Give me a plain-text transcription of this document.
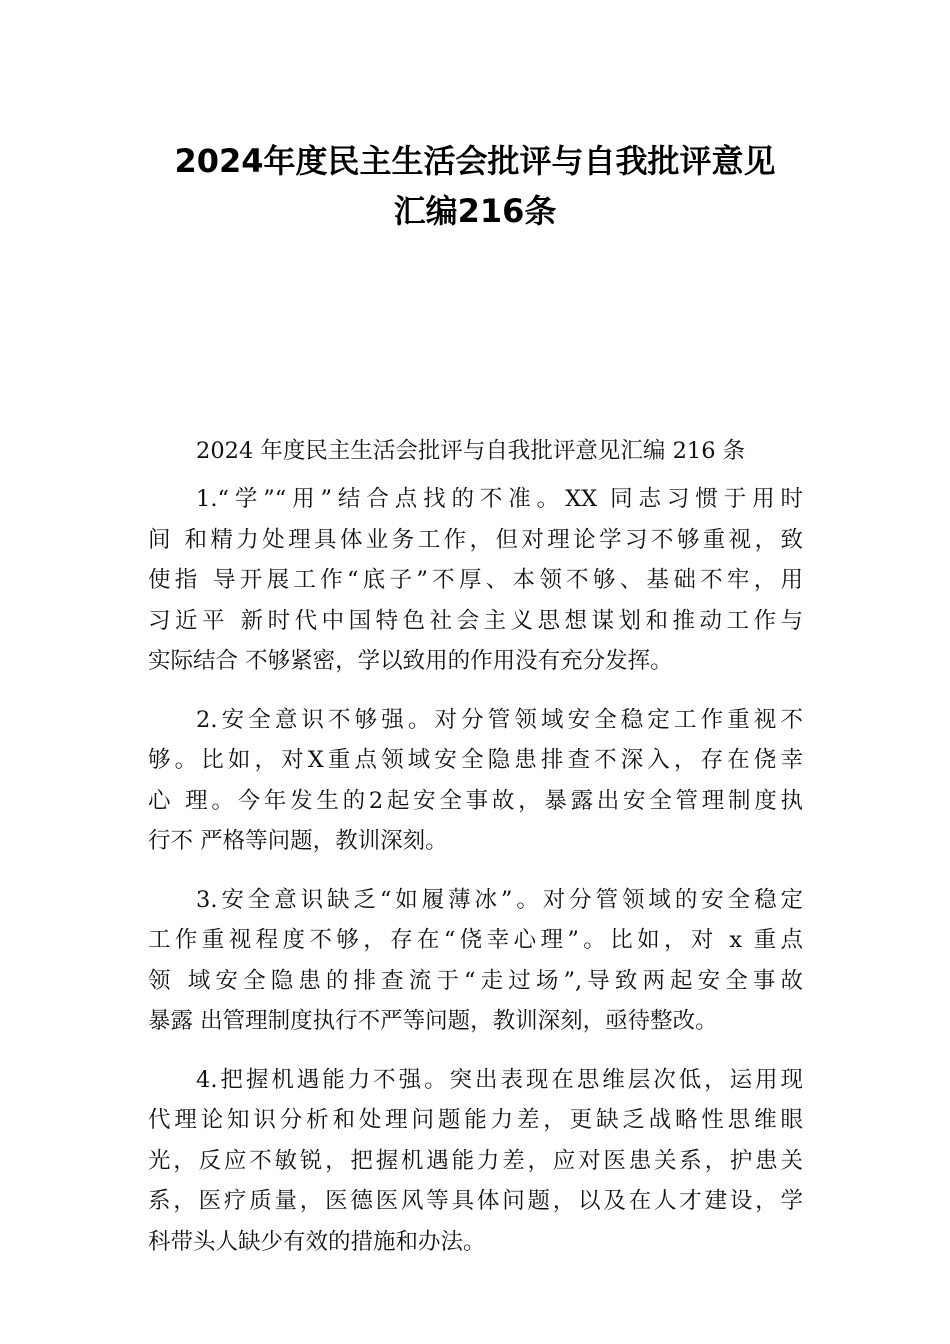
2024年度民主生活会批评与自我批评意见
汇编216条
2024 年度民主生活会批评与自我批评意见汇编 216 条
1.“学”“用”结合点找的不准。XX 同志习惯于用时
间 和精力处理具体业务工作，但对理论学习不够重视，致
使指 导开展工作“底子”不厚、本领不够、基础不牢，用
习近平 新时代中国特色社会主义思想谋划和推动工作与
实际结合 不够紧密，学以致用的作用没有充分发挥。
2.安全意识不够强。对分管领域安全稳定工作重视不
够。比如，对X重点领域安全隐患排查不深入，存在侥幸
心 理。今年发生的2起安全事故，暴露出安全管理制度执
行不 严格等问题，教训深刻。
3.安全意识缺乏“如履薄冰”。对分管领域的安全稳定
工作重视程度不够，存在“侥幸心理”。比如，对 x 重点
领 域安全隐患的排查流于“走过场”,导致两起安全事故
暴露 出管理制度执行不严等问题，教训深刻，亟待整改。
4.把握机遇能力不强。突出表现在思维层次低，运用现
代理论知识分析和处理问题能力差，更缺乏战略性思维眼
光，反应不敏锐，把握机遇能力差，应对医患关系，护患关
系，医疗质量，医德医风等具体问题，以及在人才建设，学
科带头人缺少有效的措施和办法。
